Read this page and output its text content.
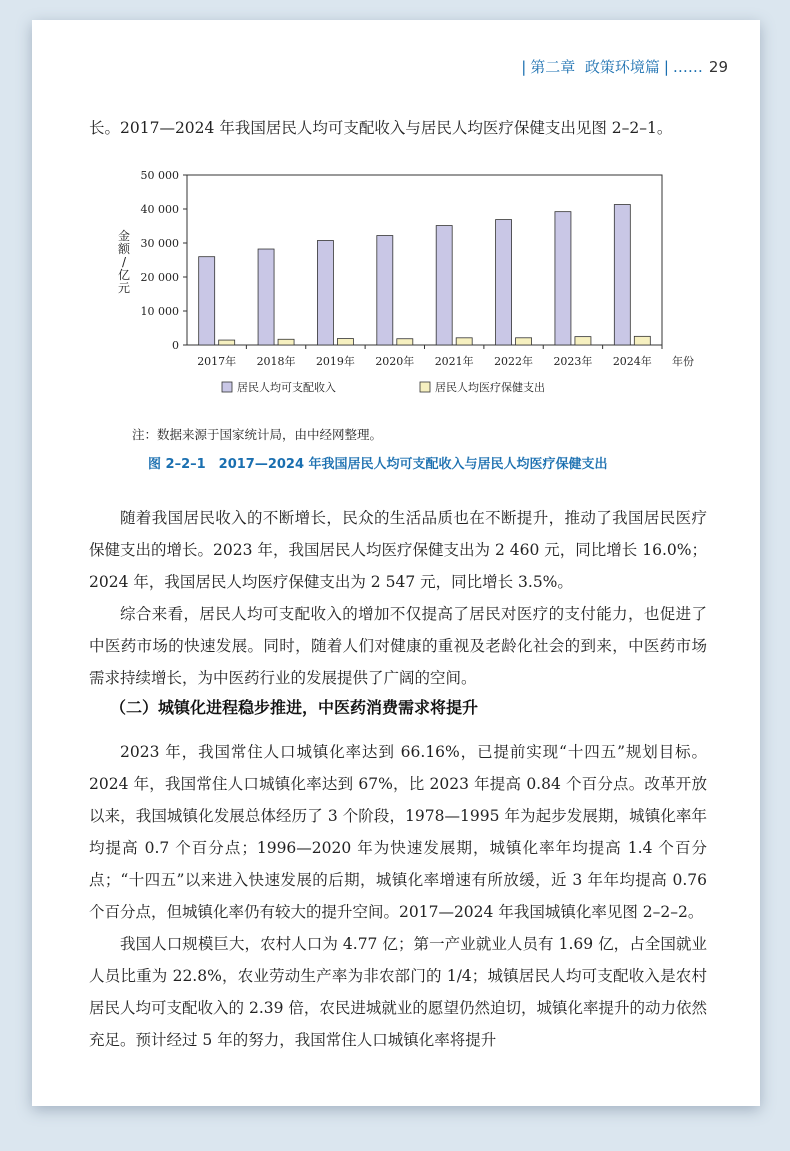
| 第二章 政策环境篇 | …… 29

长。2017—2024 年我国居民人均可支配收入与居民人均医疗保健支出见图 2–2–1。

0
10 000
20 000
30 000
40 000
50 000
金
额
/
亿
元
2017年 2018年 2019年 2020年 2021年 2022年 2023年 2024年 年份
居民人均可支配收入	居民人均医疗保健支出
注：数据来源于国家统计局，由中经网整理。
图 2–2–1　2017—2024 年我国居民人均可支配收入与居民人均医疗保健支出

随着我国居民收入的不断增长，民众的生活品质也在不断提升，推动了我国居民医疗保健支出的增长。2023 年，我国居民人均医疗保健支出为 2 460 元，同比增长 16.0%；2024 年，我国居民人均医疗保健支出为 2 547 元，同比增长 3.5%。

综合来看，居民人均可支配收入的增加不仅提高了居民对医疗的支付能力，也促进了中医药市场的快速发展。同时，随着人们对健康的重视及老龄化社会的到来，中医药市场需求持续增长，为中医药行业的发展提供了广阔的空间。

（二）城镇化进程稳步推进，中医药消费需求将提升

2023 年，我国常住人口城镇化率达到 66.16%，已提前实现“十四五”规划目标。2024 年，我国常住人口城镇化率达到 67%，比 2023 年提高 0.84 个百分点。改革开放以来，我国城镇化发展总体经历了 3 个阶段，1978—1995 年为起步发展期，城镇化率年均提高 0.7 个百分点；1996—2020 年为快速发展期，城镇化率年均提高 1.4 个百分点；“十四五”以来进入快速发展的后期，城镇化率增速有所放缓，近 3 年年均提高 0.76 个百分点，但城镇化率仍有较大的提升空间。2017—2024 年我国城镇化率见图 2–2–2。

我国人口规模巨大，农村人口为 4.77 亿；第一产业就业人员有 1.69 亿，占全国就业人员比重为 22.8%，农业劳动生产率为非农部门的 1/4；城镇居民人均可支配收入是农村居民人均可支配收入的 2.39 倍，农民进城就业的愿望仍然迫切，城镇化率提升的动力依然充足。预计经过 5 年的努力，我国常住人口城镇化率将提升
